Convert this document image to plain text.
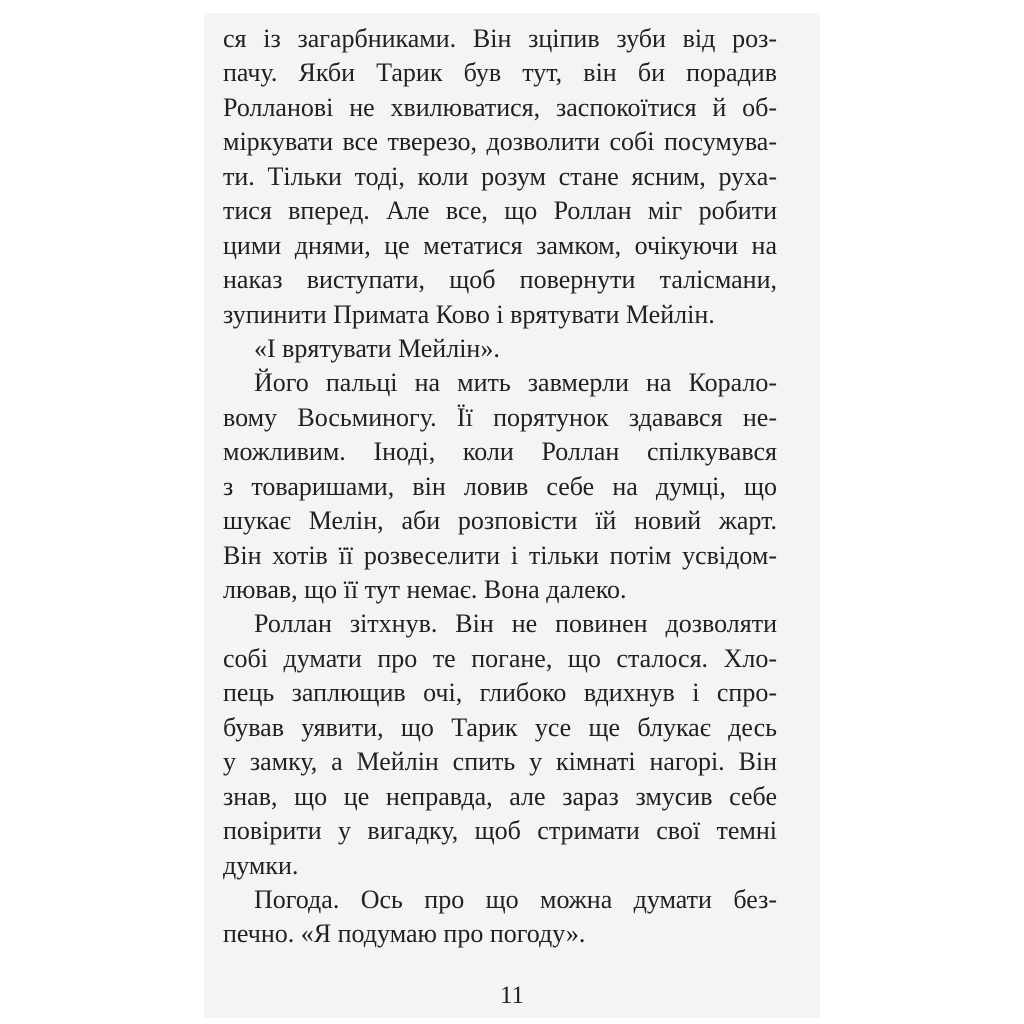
ся із загарбниками. Він зціпив зуби від роз-
пачу. Якби Тарик був тут, він би порадив
Ролланові не хвилюватися, заспокоїтися й об-
міркувати все тверезо, дозволити собі посумува-
ти. Тільки тоді, коли розум стане ясним, руха-
тися вперед. Але все, що Роллан міг робити
цими днями, це метатися замком, очікуючи на
наказ виступати, щоб повернути талісмани,
зупинити Примата Ково і врятувати Мейлін.
«І врятувати Мейлін».
Його пальці на мить завмерли на Корало-
вому Восьминогу. Її порятунок здавався не-
можливим. Іноді, коли Роллан спілкувався
з товаришами, він ловив себе на думці, що
шукає Мелін, аби розповісти їй новий жарт.
Він хотів її розвеселити і тільки потім усвідом-
лював, що її тут немає. Вона далеко.
Роллан зітхнув. Він не повинен дозволяти
собі думати про те погане, що сталося. Хло-
пець заплющив очі, глибоко вдихнув і спро-
бував уявити, що Тарик усе ще блукає десь
у замку, а Мейлін спить у кімнаті нагорі. Він
знав, що це неправда, але зараз змусив себе
повірити у вигадку, щоб стримати свої темні
думки.
Погода. Ось про що можна думати без-
печно. «Я подумаю про погоду».
11
